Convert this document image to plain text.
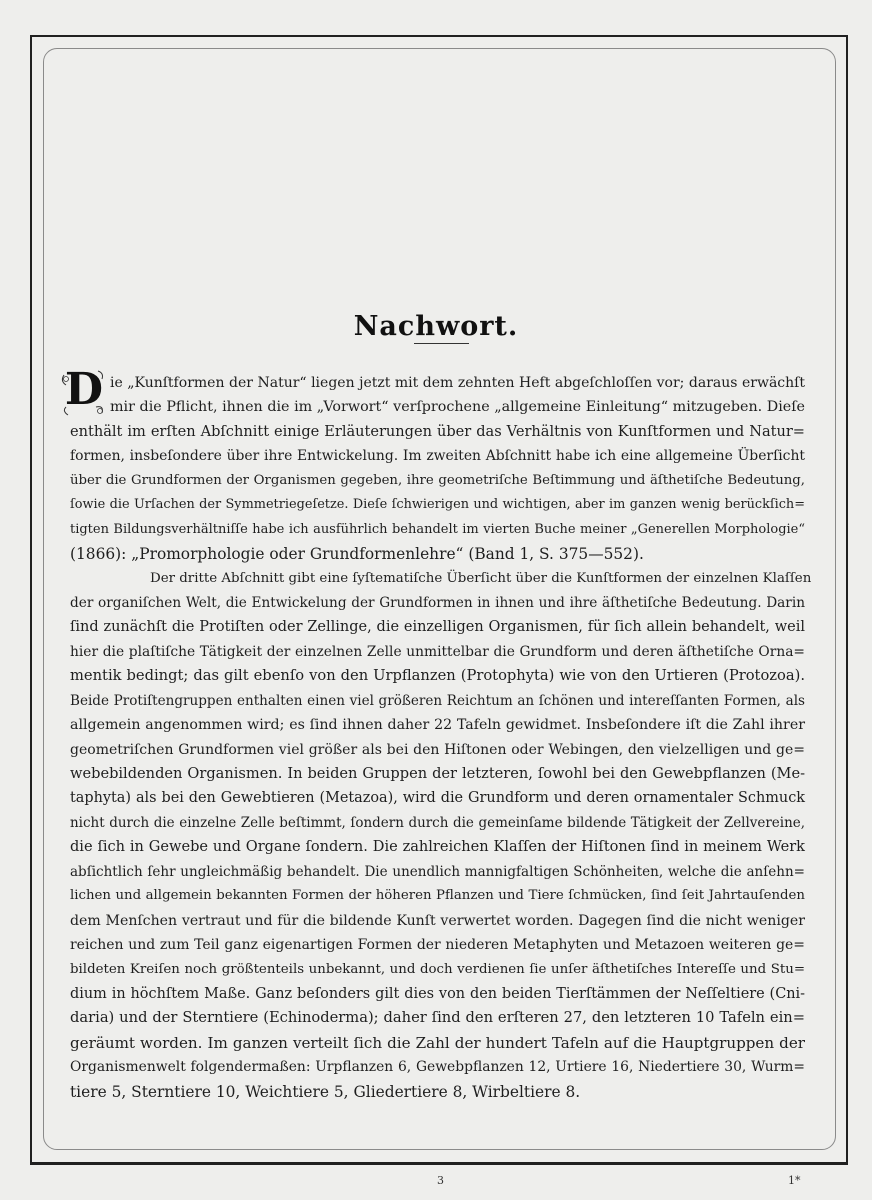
Nachwort.
D ie „Kunſtformen der Natur“ liegen jetzt mit dem zehnten Heft abgeſchloſſen vor; daraus erwächſt
mir die Pflicht, ihnen die im „Vorwort“ verſprochene „allgemeine Einleitung“ mitzugeben. Dieſe
enthält im erſten Abſchnitt einige Erläuterungen über das Verhältnis von Kunſtformen und Natur=
formen, insbeſondere über ihre Entwickelung. Im zweiten Abſchnitt habe ich eine allgemeine Überſicht
über die Grundformen der Organismen gegeben, ihre geometriſche Beſtimmung und äſthetiſche Bedeutung,
ſowie die Urſachen der Symmetriegeſetze. Dieſe ſchwierigen und wichtigen, aber im ganzen wenig berückſich=
tigten Bildungsverhältniſſe habe ich ausführlich behandelt im vierten Buche meiner „Generellen Morphologie“
(1866): „Promorphologie oder Grundformenlehre“ (Band 1, S. 375—552).
Der dritte Abſchnitt gibt eine ſyſtematiſche Überſicht über die Kunſtformen der einzelnen Klaſſen
der organiſchen Welt, die Entwickelung der Grundformen in ihnen und ihre äſthetiſche Bedeutung. Darin
ſind zunächſt die Protiſten oder Zellinge, die einzelligen Organismen, für ſich allein behandelt, weil
hier die plaſtiſche Tätigkeit der einzelnen Zelle unmittelbar die Grundform und deren äſthetiſche Orna=
mentik bedingt; das gilt ebenſo von den Urpflanzen (Protophyta) wie von den Urtieren (Protozoa).
Beide Protiſtengruppen enthalten einen viel größeren Reichtum an ſchönen und intereſſanten Formen, als
allgemein angenommen wird; es ſind ihnen daher 22 Tafeln gewidmet. Insbeſondere iſt die Zahl ihrer
geometriſchen Grundformen viel größer als bei den Hiſtonen oder Webingen, den vielzelligen und ge=
webebildenden Organismen. In beiden Gruppen der letzteren, ſowohl bei den Gewebpflanzen (Me-
taphyta) als bei den Gewebtieren (Metazoa), wird die Grundform und deren ornamentaler Schmuck
nicht durch die einzelne Zelle beſtimmt, ſondern durch die gemeinſame bildende Tätigkeit der Zellvereine,
die ſich in Gewebe und Organe ſondern. Die zahlreichen Klaſſen der Hiſtonen ſind in meinem Werk
abſichtlich ſehr ungleichmäßig behandelt. Die unendlich mannigfaltigen Schönheiten, welche die anſehn=
lichen und allgemein bekannten Formen der höheren Pflanzen und Tiere ſchmücken, ſind ſeit Jahrtauſenden
dem Menſchen vertraut und für die bildende Kunſt verwertet worden. Dagegen ſind die nicht weniger
reichen und zum Teil ganz eigenartigen Formen der niederen Metaphyten und Metazoen weiteren ge=
bildeten Kreiſen noch größtenteils unbekannt, und doch verdienen ſie unſer äſthetiſches Intereſſe und Stu=
dium in höchſtem Maße. Ganz beſonders gilt dies von den beiden Tierſtämmen der Neſſeltiere (Cni-
daria) und der Sterntiere (Echinoderma); daher ſind den erſteren 27, den letzteren 10 Tafeln ein=
geräumt worden. Im ganzen verteilt ſich die Zahl der hundert Tafeln auf die Hauptgruppen der
Organismenwelt folgendermaßen: Urpflanzen 6, Gewebpflanzen 12, Urtiere 16, Niedertiere 30, Wurm=
tiere 5, Sterntiere 10, Weichtiere 5, Gliedertiere 8, Wirbeltiere 8.
3	1*
